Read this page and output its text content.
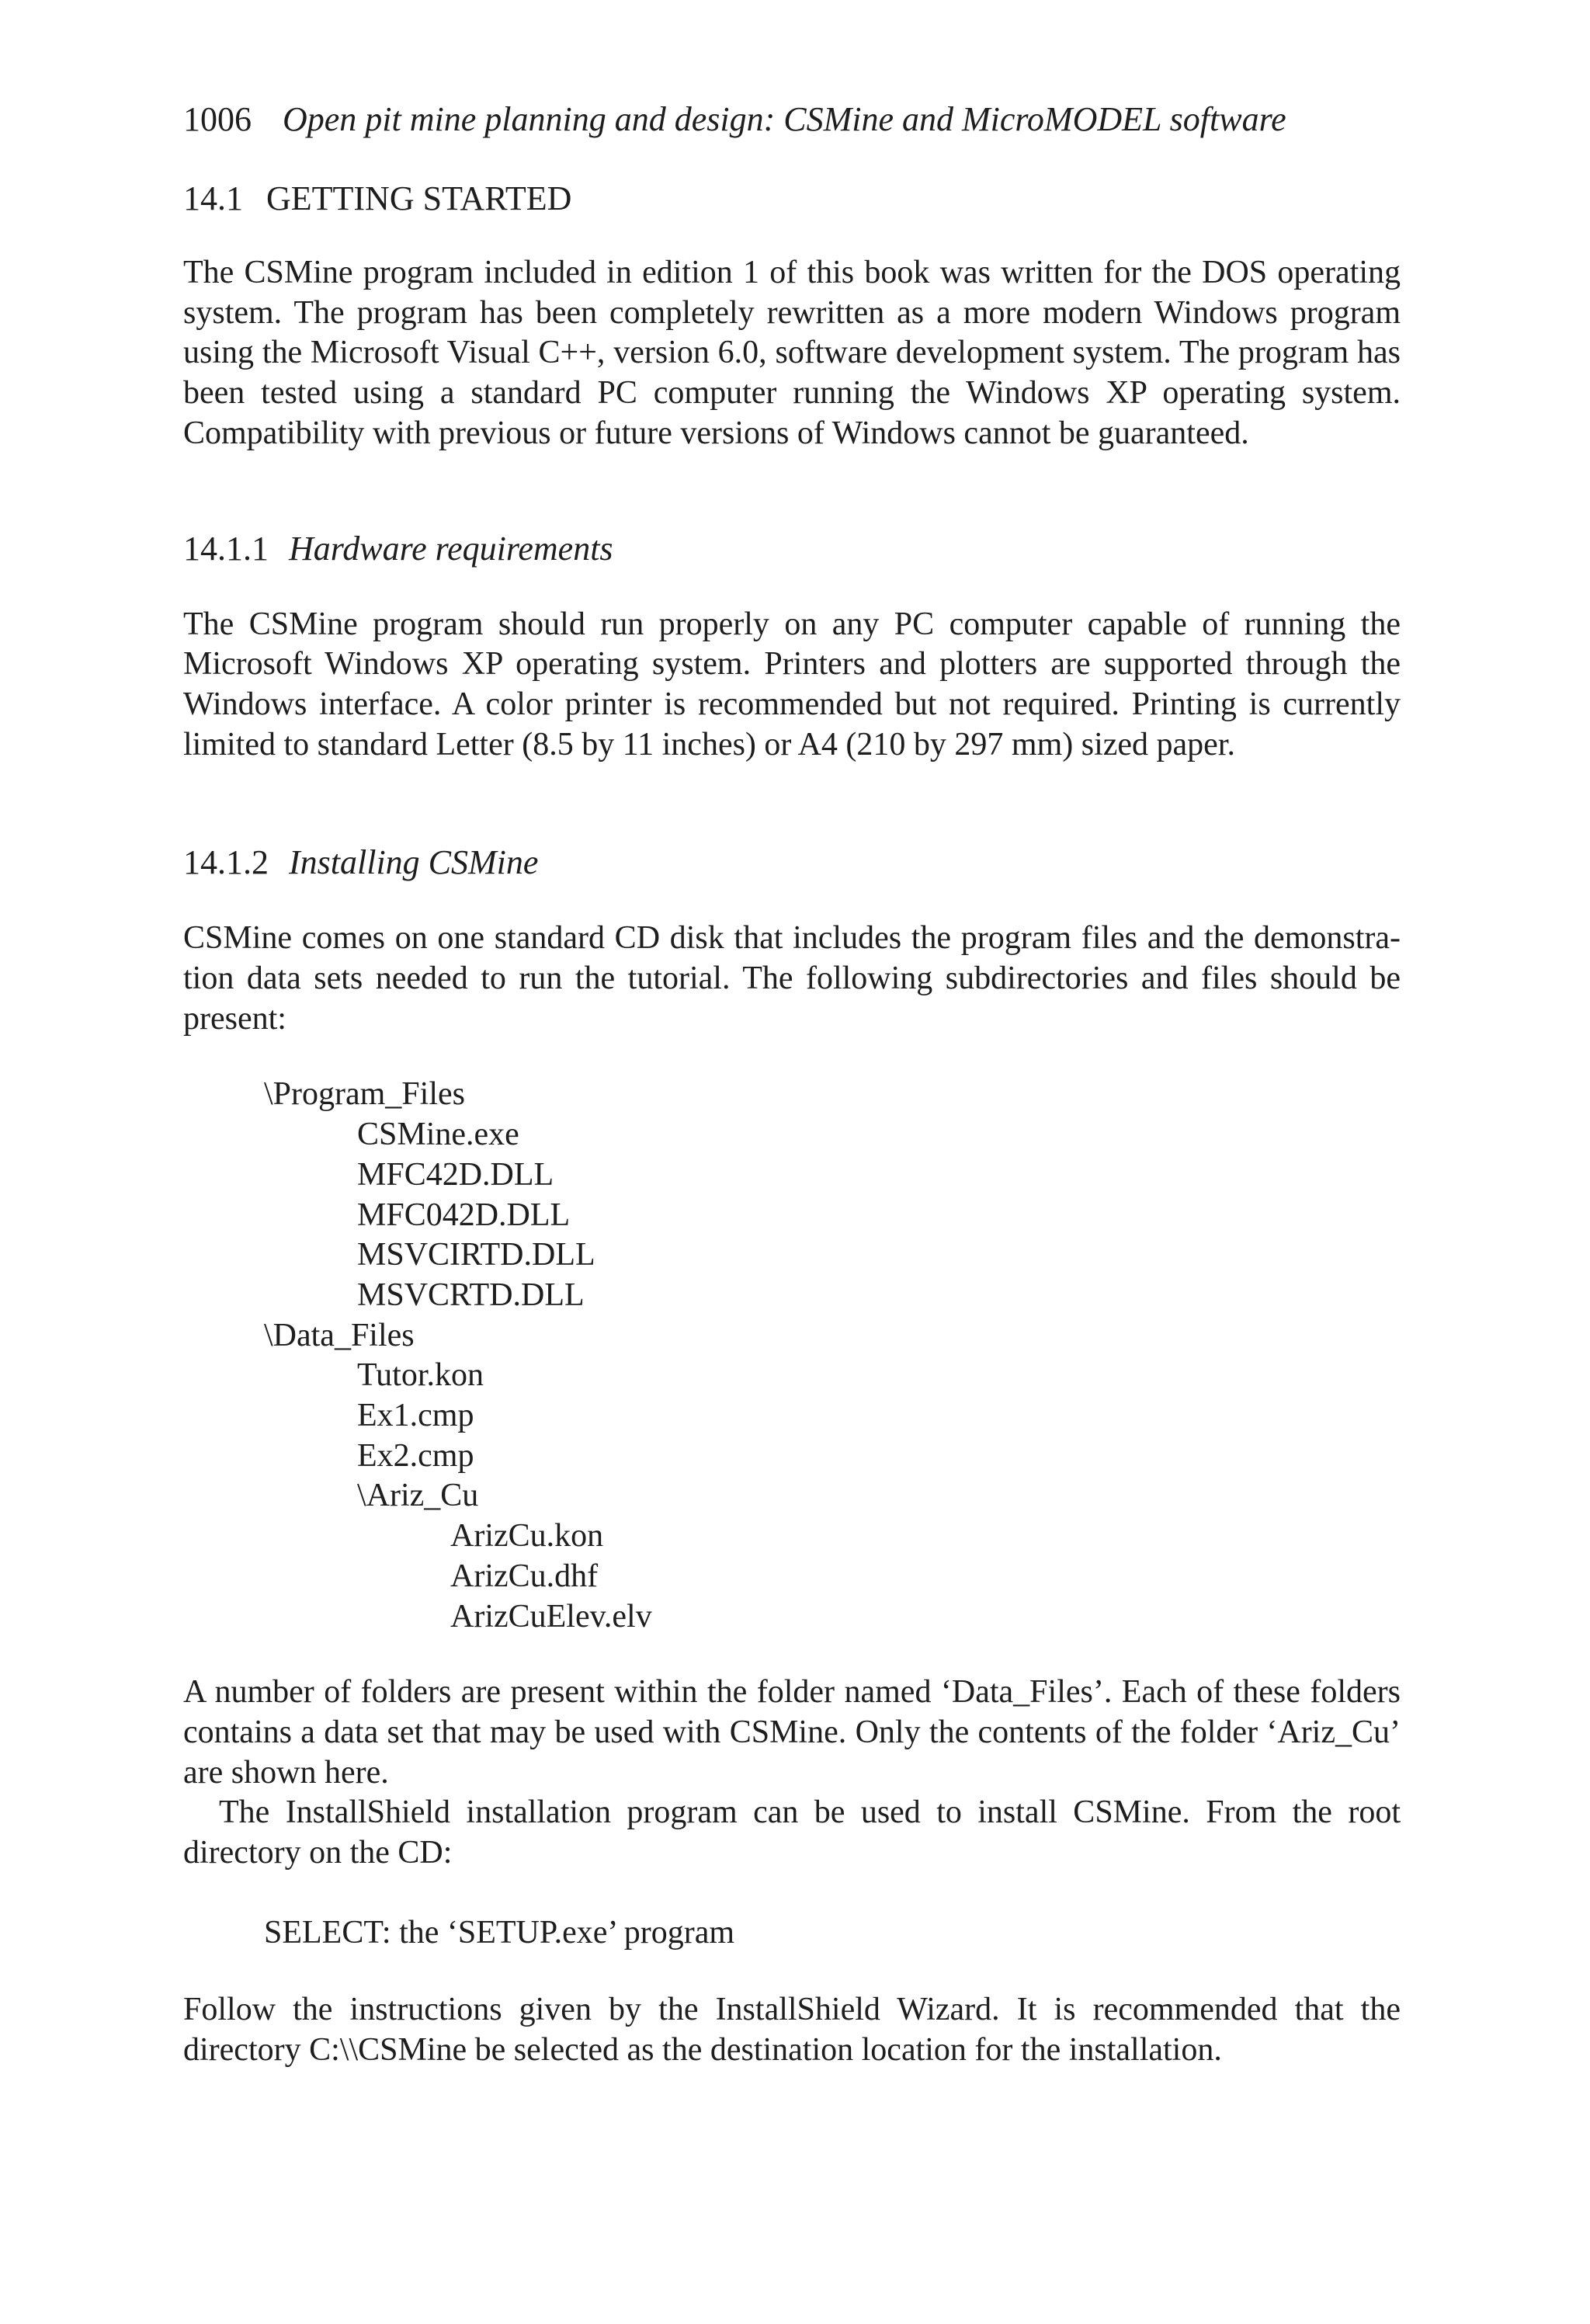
1006 Open pit mine planning and design: CSMine and MicroMODEL software

14.1 GETTING STARTED

The CSMine program included in edition 1 of this book was written for the DOS operating system. The program has been completely rewritten as a more modern Windows program using the Microsoft Visual C++, version 6.0, software development system. The program has been tested using a standard PC computer running the Windows XP operating system. Compatibility with previous or future versions of Windows cannot be guaranteed.

14.1.1 Hardware requirements

The CSMine program should run properly on any PC computer capable of running the Microsoft Windows XP operating system. Printers and plotters are supported through the Windows interface. A color printer is recommended but not required. Printing is currently limited to standard Letter (8.5 by 11 inches) or A4 (210 by 297 mm) sized paper.

14.1.2 Installing CSMine

CSMine comes on one standard CD disk that includes the program files and the demonstration data sets needed to run the tutorial. The following subdirectories and files should be present:

\Program_Files
CSMine.exe
MFC42D.DLL
MFC042D.DLL
MSVCIRTD.DLL
MSVCRTD.DLL
\Data_Files
Tutor.kon
Ex1.cmp
Ex2.cmp
\Ariz_Cu
ArizCu.kon
ArizCu.dhf
ArizCuElev.elv

A number of folders are present within the folder named ‘Data_Files’. Each of these folders contains a data set that may be used with CSMine. Only the contents of the folder ‘Ariz_Cu’ are shown here.

The InstallShield installation program can be used to install CSMine. From the root directory on the CD:

SELECT: the ‘SETUP.exe’ program

Follow the instructions given by the InstallShield Wizard. It is recommended that the directory C:\\CSMine be selected as the destination location for the installation.
